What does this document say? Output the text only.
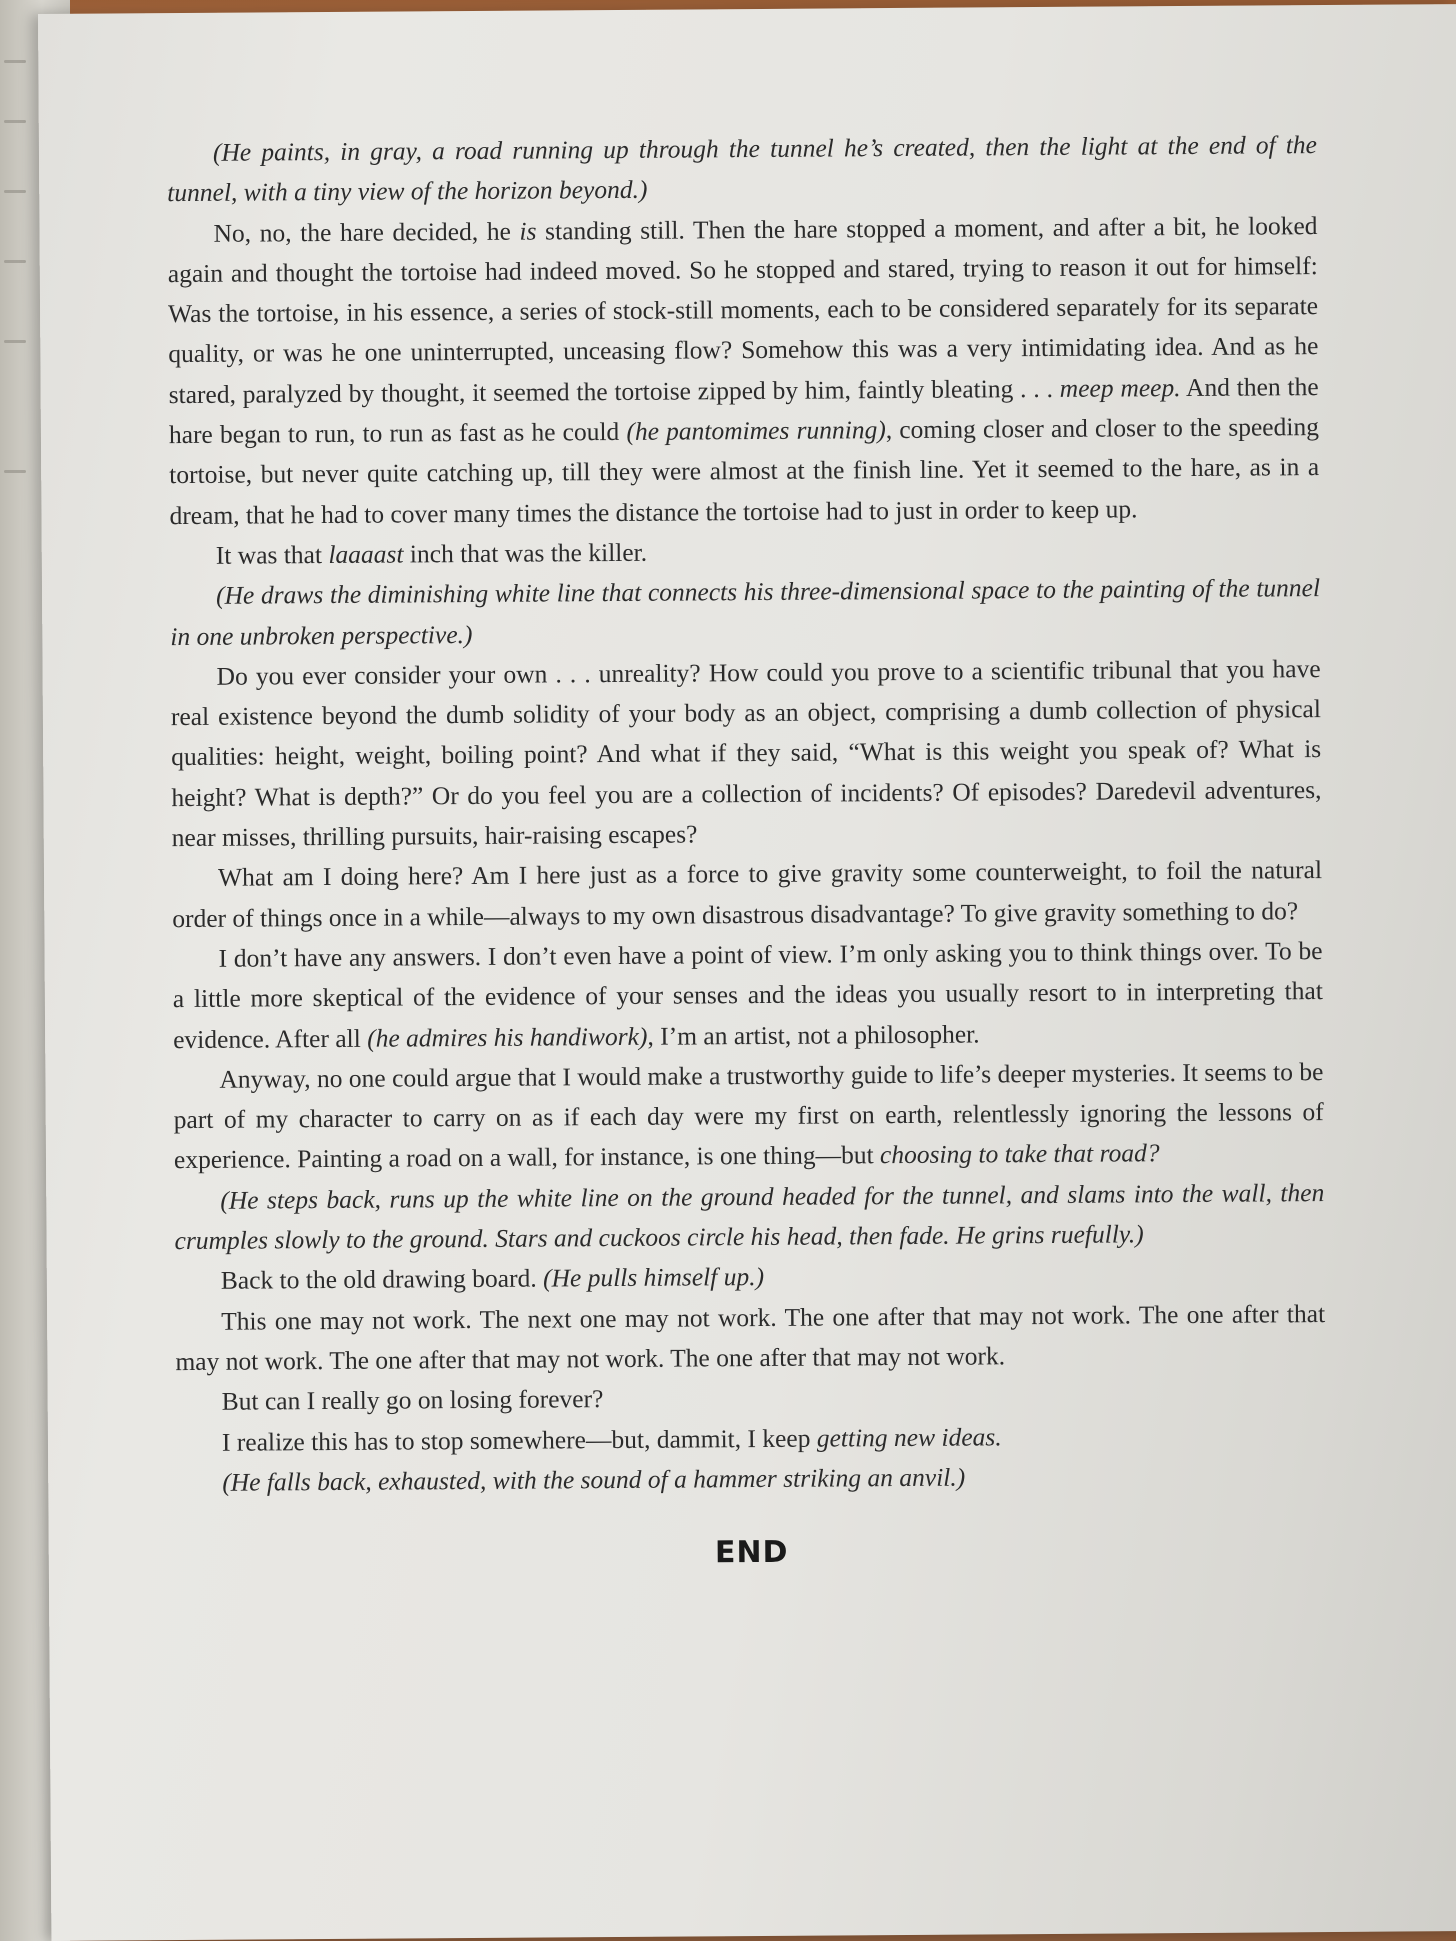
(He paints, in gray, a road running up through the tunnel he’s created, then the light at the end of the tunnel, with a tiny view of the horizon beyond.)

No, no, the hare decided, he is standing still. Then the hare stopped a moment, and after a bit, he looked again and thought the tortoise had indeed moved. So he stopped and stared, trying to reason it out for himself: Was the tortoise, in his essence, a series of stock-still moments, each to be considered separately for its separate quality, or was he one uninterrupted, unceasing flow? Somehow this was a very intimidating idea. And as he stared, paralyzed by thought, it seemed the tortoise zipped by him, faintly bleating . . . meep meep. And then the hare began to run, to run as fast as he could (he pantomimes running), coming closer and closer to the speeding tortoise, but never quite catching up, till they were almost at the finish line. Yet it seemed to the hare, as in a dream, that he had to cover many times the distance the tortoise had to just in order to keep up.

It was that laaaast inch that was the killer.

(He draws the diminishing white line that connects his three-dimensional space to the painting of the tunnel in one unbroken perspective.)

Do you ever consider your own . . . unreality? How could you prove to a scientific tribunal that you have real existence beyond the dumb solidity of your body as an object, comprising a dumb collection of physical qualities: height, weight, boiling point? And what if they said, “What is this weight you speak of? What is height? What is depth?” Or do you feel you are a collection of incidents? Of episodes? Daredevil adventures, near misses, thrilling pursuits, hair-raising escapes?

What am I doing here? Am I here just as a force to give gravity some counterweight, to foil the natural order of things once in a while—always to my own disastrous disadvantage? To give gravity something to do?

I don’t have any answers. I don’t even have a point of view. I’m only asking you to think things over. To be a little more skeptical of the evidence of your senses and the ideas you usually resort to in interpreting that evidence. After all (he admires his handiwork), I’m an artist, not a philosopher.

Anyway, no one could argue that I would make a trustworthy guide to life’s deeper mysteries. It seems to be part of my character to carry on as if each day were my first on earth, relentlessly ignoring the lessons of experience. Painting a road on a wall, for instance, is one thing—but choosing to take that road?

(He steps back, runs up the white line on the ground headed for the tunnel, and slams into the wall, then crumples slowly to the ground. Stars and cuckoos circle his head, then fade. He grins ruefully.)

Back to the old drawing board. (He pulls himself up.)

This one may not work. The next one may not work. The one after that may not work. The one after that may not work. The one after that may not work. The one after that may not work.

But can I really go on losing forever?

I realize this has to stop somewhere—but, dammit, I keep getting new ideas.

(He falls back, exhausted, with the sound of a hammer striking an anvil.)

END
